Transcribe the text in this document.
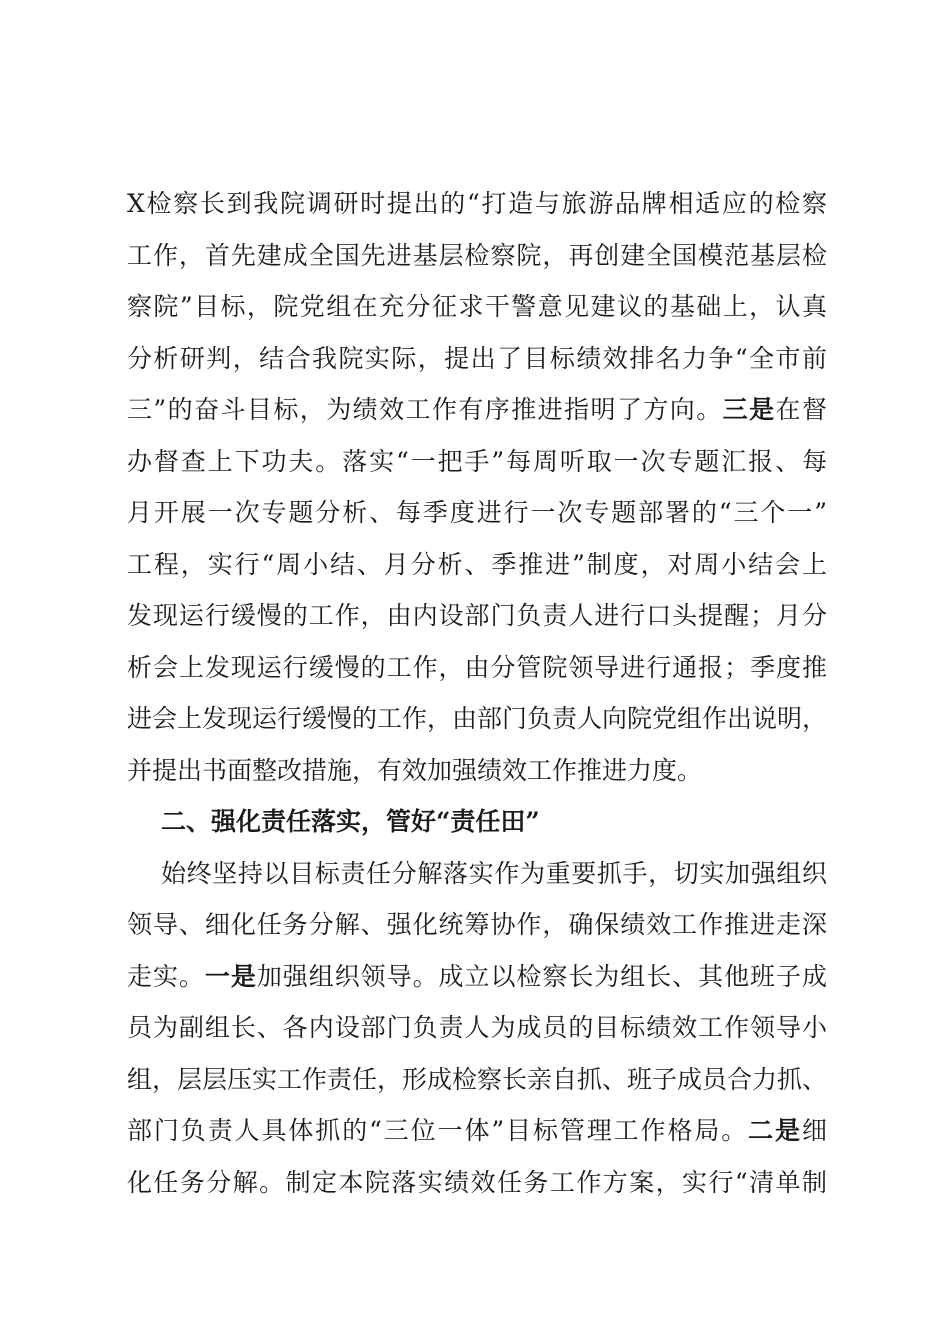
X检察长到我院调研时提出的“打造与旅游品牌相适应的检察
工作，首先建成全国先进基层检察院，再创建全国模范基层检
察院”目标，院党组在充分征求干警意见建议的基础上，认真
分析研判，结合我院实际，提出了目标绩效排名力争“全市前
三”的奋斗目标，为绩效工作有序推进指明了方向。三是在督
办督查上下功夫。落实“一把手”每周听取一次专题汇报、每
月开展一次专题分析、每季度进行一次专题部署的“三个一”
工程，实行“周小结、月分析、季推进”制度，对周小结会上
发现运行缓慢的工作，由内设部门负责人进行口头提醒；月分
析会上发现运行缓慢的工作，由分管院领导进行通报；季度推
进会上发现运行缓慢的工作，由部门负责人向院党组作出说明，
并提出书面整改措施，有效加强绩效工作推进力度。
二、强化责任落实，管好“责任田”
始终坚持以目标责任分解落实作为重要抓手，切实加强组织
领导、细化任务分解、强化统筹协作，确保绩效工作推进走深
走实。一是加强组织领导。成立以检察长为组长、其他班子成
员为副组长、各内设部门负责人为成员的目标绩效工作领导小
组，层层压实工作责任，形成检察长亲自抓、班子成员合力抓、
部门负责人具体抓的“三位一体”目标管理工作格局。二是细
化任务分解。制定本院落实绩效任务工作方案，实行“清单制
